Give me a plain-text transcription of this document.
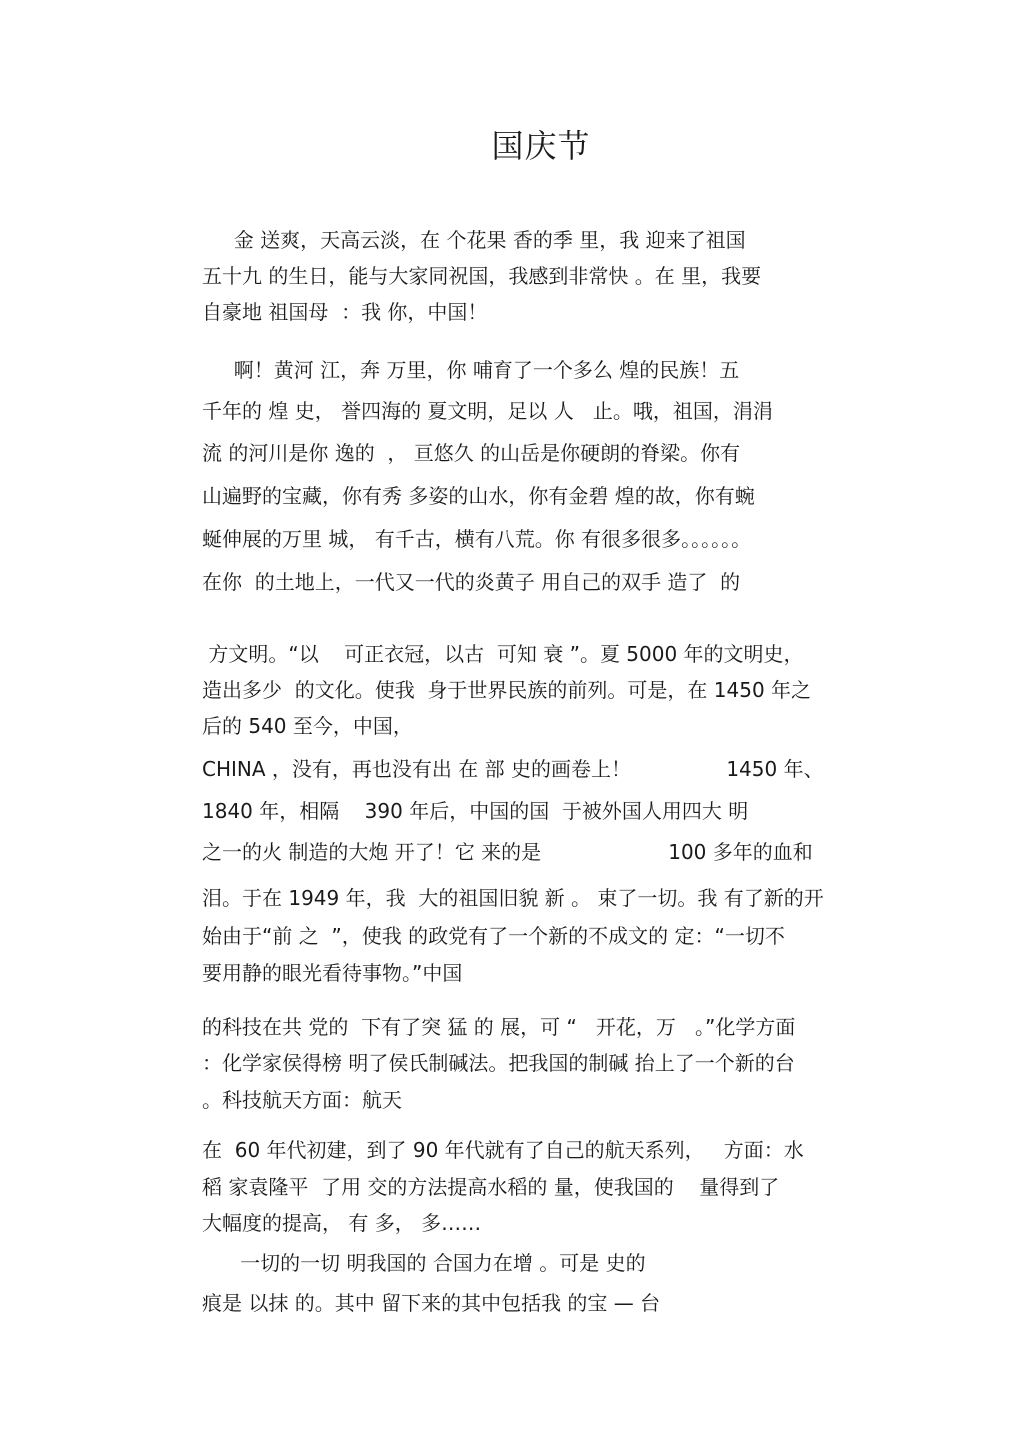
国庆节
金 送爽，天高云淡，在 个花果 香的季 里，我 迎来了祖国
五十九 的生日，能与大家同祝国，我感到非常快 。在 里，我要
自豪地 祖国母  ：我 你，中国！
啊！黄河 江，奔 万里，你 哺育了一个多么 煌的民族！五
千年的 煌 史， 誉四海的 夏文明，足以 人   止。哦，祖国，涓涓
流 的河川是你 逸的  ， 亘悠久 的山岳是你硬朗的脊梁。你有
山遍野的宝藏，你有秀 多姿的山水，你有金碧 煌的故，你有蜿
蜒伸展的万里 城， 有千古，横有八荒。你 有很多很多。。。。。。
在你  的土地上，一代又一代的炎黄子 用自己的双手 造了  的
方文明。“以    可正衣冠，以古  可知 衰 ”。夏 5000 年的文明史，
造出多少  的文化。使我  身于世界民族的前列。可是，在 1450 年之
后的 540 至今，中国，
CHINA ，没有，再也没有出 在 部 史的画卷上！               1450 年、
1840 年，相隔    390 年后，中国的国  于被外国人用四大 明
之一的火 制造的大炮 开了！它 来的是                    100 多年的血和
泪。于在 1949 年，我  大的祖国旧貌 新 。 束了一切。我 有了新的开
始由于“前 之  ”，使我 的政党有了一个新的不成文的 定：“一切不
要用静的眼光看待事物。”中国
的科技在共 党的  下有了突 猛 的 展，可 “   开花，万   。”化学方面
：化学家侯得榜 明了侯氏制碱法。把我国的制碱 抬上了一个新的台
。科技航天方面：航天
在  60 年代初建，到了 90 年代就有了自己的航天系列，   方面：水
稻 家袁隆平  了用 交的方法提高水稻的 量，使我国的    量得到了
大幅度的提高， 有 多， 多……
一切的一切 明我国的 合国力在增 。可是 史的
痕是 以抹 的。其中 留下来的其中包括我 的宝 — 台
